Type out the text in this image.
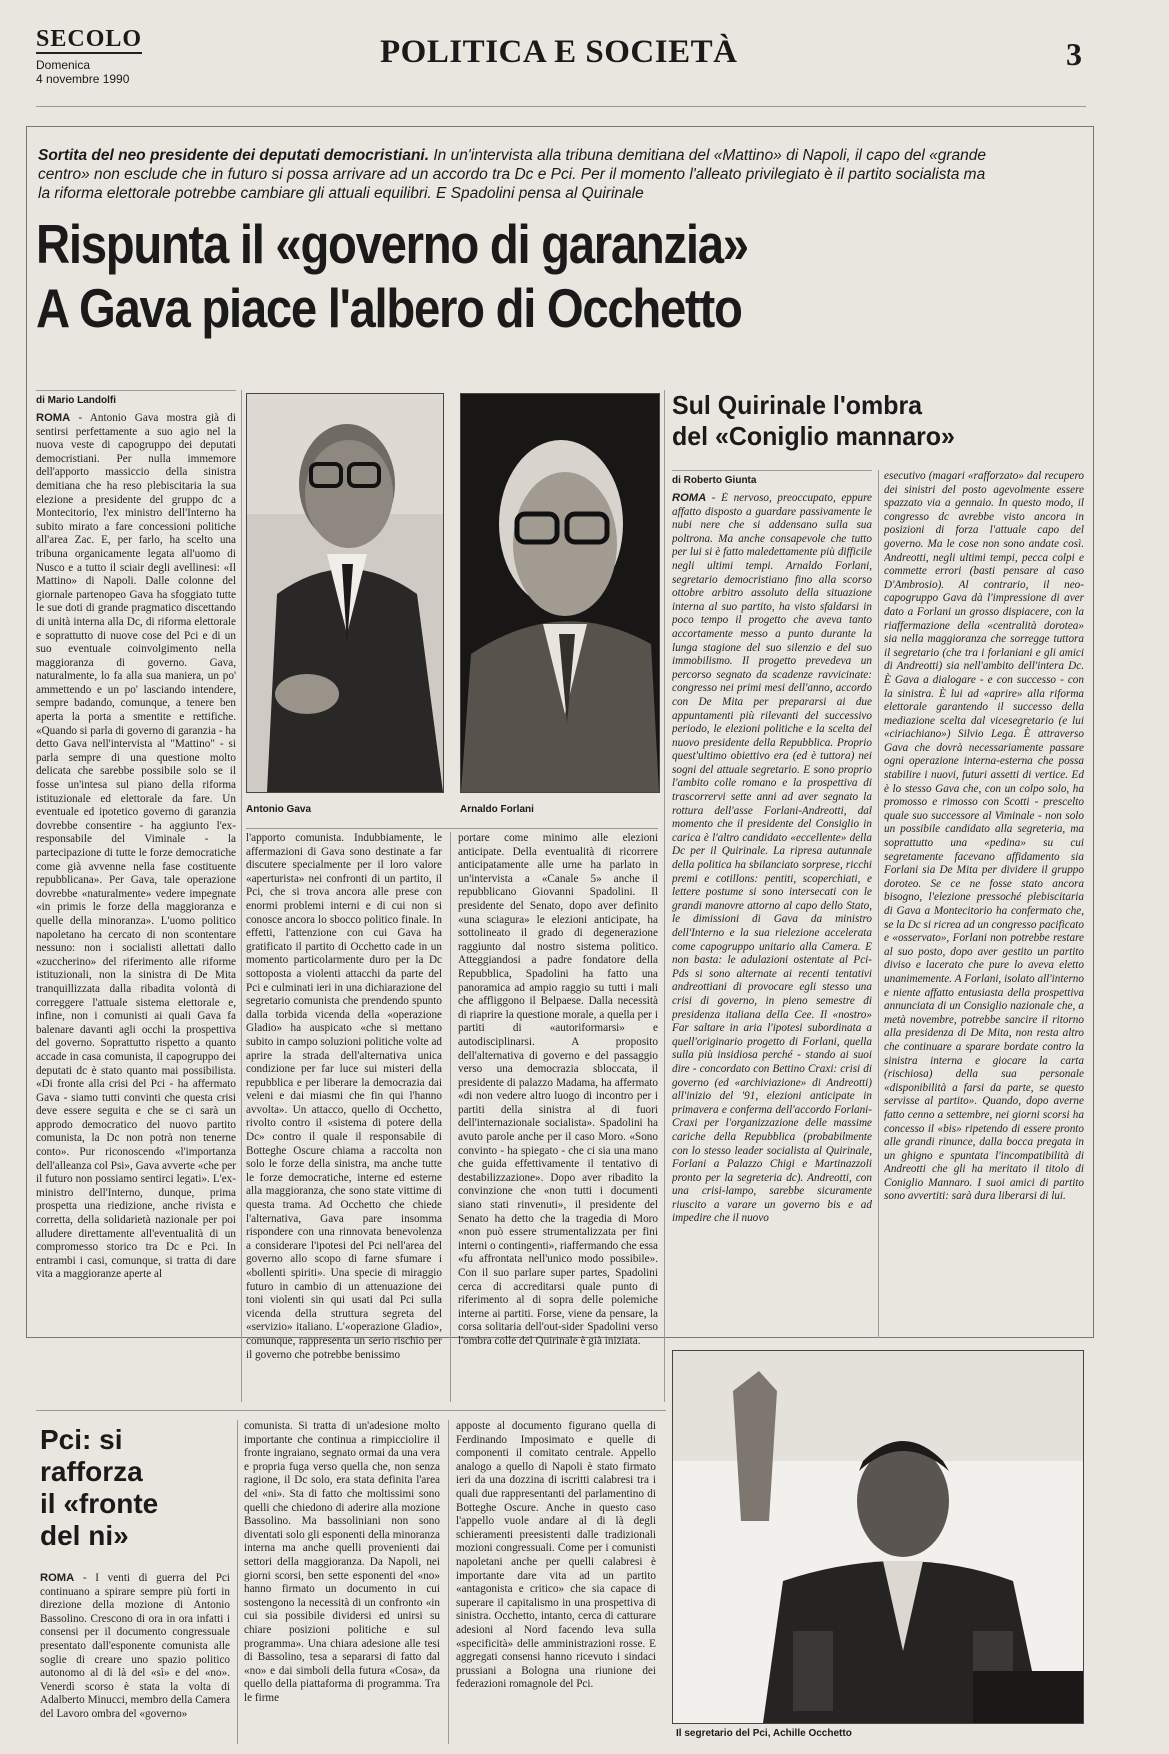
SECOLO
Domenica
4 novembre 1990
POLITICA E SOCIETÀ	3
Sortita del neo presidente dei deputati democristiani. In un'intervista alla tribuna demitiana del «Mattino» di Napoli, il capo del «grande centro» non esclude che in futuro si possa arrivare ad un accordo tra Dc e Pci. Per il momento l'alleato privilegiato è il partito socialista ma la riforma elettorale potrebbe cambiare gli attuali equilibri. E Spadolini pensa al Quirinale
Rispunta il «governo di garanzia»
A Gava piace l'albero di Occhetto
di Mario Landolfi
ROMA - Antonio Gava mostra già di sentirsi perfettamente a suo agio nel la nuova veste di capogruppo dei deputati democristiani. Per nulla immemore dell'apporto massiccio della sinistra demitiana che ha reso plebiscitaria la sua elezione a presidente del gruppo dc a Montecitorio, l'ex ministro dell'Interno ha subito mirato a fare concessioni politiche all'area Zac. E, per farlo, ha scelto una tribuna organicamente legata all'uomo di Nusco e a tutto il sciair degli avellinesi: «Il Mattino» di Napoli. Dalle colonne del giornale partenopeo Gava ha sfoggiato tutte le sue doti di grande pragmatico discettando di unità interna alla Dc, di riforma elettorale e soprattutto di nuove cose del Pci e di un suo eventuale coinvolgimento nella maggioranza di governo. Gava, naturalmente, lo fa alla sua maniera, un po' ammettendo e un po' lasciando intendere, sempre badando, comunque, a tenere ben aperta la porta a smentite e rettifiche. «Quando si parla di governo di garanzia - ha detto Gava nell'intervista al "Mattino" - si parla sempre di una questione molto delicata che sarebbe possibile solo se il fosse un'intesa sul piano della riforma istituzionale ed elettorale da fare. Un eventuale ed ipotetico governo di garanzia dovrebbe consentire - ha aggiunto l'ex-responsabile del Viminale - la partecipazione di tutte le forze democratiche come già avvenne nella fase costituente repubblicana». Per Gava, tale operazione dovrebbe «naturalmente» vedere impegnate «in primis le forze della maggioranza e quelle della minoranza». L'uomo politico napoletano ha cercato di non scontentare nessuno: non i socialisti allettati dallo «zuccherino» del riferimento alle riforme istituzionali, non la sinistra di De Mita tranquillizzata dalla ribadita volontà di correggere l'attuale sistema elettorale e, infine, non i comunisti ai quali Gava fa balenare davanti agli occhi la prospettiva del governo. Soprattutto rispetto a quanto accade in casa comunista, il capogruppo dei deputati dc è stato quanto mai possibilista. «Di fronte alla crisi del Pci - ha affermato Gava - siamo tutti convinti che questa crisi deve essere seguita e che se ci sarà un approdo democratico del nuovo partito comunista, la Dc non potrà non tenerne conto». Pur riconoscendo «l'importanza dell'alleanza col Psi», Gava avverte «che per il futuro non possiamo sentirci legati». L'ex-ministro dell'Interno, dunque, prima prospetta una riedizione, anche rivista e corretta, della solidarietà nazionale per poi alludere direttamente all'eventualità di un compromesso storico tra Dc e Pci. In entrambi i casi, comunque, si tratta di dare vita a maggioranze aperte al
Antonio Gava	Arnaldo Forlani
l'apporto comunista. Indubbiamente, le affermazioni di Gava sono destinate a far discutere specialmente per il loro valore «aperturista» nei confronti di un partito, il Pci, che si trova ancora alle prese con enormi problemi interni e di cui non si conosce ancora lo sbocco politico finale. In effetti, l'attenzione con cui Gava ha gratificato il partito di Occhetto cade in un momento particolarmente duro per la Dc sottoposta a violenti attacchi da parte del Pci e culminati ieri in una dichiarazione del segretario comunista che prendendo spunto dalla torbida vicenda della «operazione Gladio» ha auspicato «che si mettano subito in campo soluzioni politiche volte ad aprire la strada dell'alternativa unica condizione per far luce sui misteri della repubblica e per liberare la democrazia dai veleni e dai miasmi che fin qui l'hanno avvolta». Un attacco, quello di Occhetto, rivolto contro il «sistema di potere della Dc» contro il quale il responsabile di Botteghe Oscure chiama a raccolta non solo le forze della sinistra, ma anche tutte le forze democratiche, interne ed esterne alla maggioranza, che sono state vittime di questa trama. Ad Occhetto che chiede l'alternativa, Gava pare insomma rispondere con una rinnovata benevolenza a considerare l'ipotesi del Pci nell'area del governo allo scopo di farne sfumare i «bollenti spiriti». Una specie di miraggio futuro in cambio di un attenuazione dei toni violenti sin qui usati dal Pci sulla vicenda della struttura segreta del «servizio» italiano. L'«operazione Gladio», comunque, rappresenta un serio rischio per il governo che potrebbe benissimo
portare come minimo alle elezioni anticipate. Della eventualità di ricorrere anticipatamente alle urne ha parlato in un'intervista a «Canale 5» anche il repubblicano Giovanni Spadolini. Il presidente del Senato, dopo aver definito «una sciagura» le elezioni anticipate, ha sottolineato il grado di degenerazione raggiunto dal nostro sistema politico. Atteggiandosi a padre fondatore della Repubblica, Spadolini ha fatto una panoramica ad ampio raggio su tutti i mali che affliggono il Belpaese. Dalla necessità di riaprire la questione morale, a quella per i partiti di «autoriformarsi» e autodisciplinarsi. A proposito dell'alternativa di governo e del passaggio verso una democrazia sbloccata, il presidente di palazzo Madama, ha affermato «di non vedere altro luogo di incontro per i partiti della sinistra al di fuori dell'internazionale socialista». Spadolini ha avuto parole anche per il caso Moro. «Sono convinto - ha spiegato - che ci sia una mano che guida effettivamente il tentativo di destabilizzazione». Dopo aver ribadito la convinzione che «non tutti i documenti siano stati rinvenuti», il presidente del Senato ha detto che la tragedia di Moro «non può essere strumentalizzata per fini interni o contingenti», riaffermando che essa «fu affrontata nell'unico modo possibile». Con il suo parlare super partes, Spadolini cerca di accreditarsi quale punto di riferimento al di sopra delle polemiche interne ai partiti. Forse, viene da pensare, la corsa solitaria dell'out-sider Spadolini verso l'ombra colle del Quirinale è già iniziata.
Sul Quirinale l'ombra
del «Coniglio mannaro»
di Roberto Giunta
ROMA - È nervoso, preoccupato, eppure affatto disposto a guardare passivamente le nubi nere che si addensano sulla sua poltrona. Ma anche consapevole che tutto per lui si è fatto maledettamente più difficile negli ultimi tempi. Arnaldo Forlani, segretario democristiano fino alla scorso ottobre arbitro assoluto della situazione interna al suo partito, ha visto sfaldarsi in poco tempo il progetto che aveva tanto accortamente messo a punto durante la lunga stagione del suo silenzio e del suo immobilismo. Il progetto prevedeva un percorso segnato da scadenze ravvicinate: congresso nei primi mesi dell'anno, accordo con De Mita per prepararsi ai due appuntamenti più rilevanti del successivo periodo, le elezioni politiche e la scelta del nuovo presidente della Repubblica. Proprio quest'ultimo obiettivo era (ed è tuttora) nei sogni del attuale segretario. E sono proprio l'ambito colle romano e la prospettiva di trascorrervi sette anni ad aver segnato la rottura dell'asse Forlani-Andreotti, dal momento che il presidente del Consiglio in carica è l'altro candidato «eccellente» della Dc per il Quirinale. La ripresa autunnale della politica ha sbilanciato sorprese, ricchi premi e cotillons: pentiti, scoperchiati, e lettere postume si sono intersecati con le grandi manovre attorno al capo dello Stato, le dimissioni di Gava da ministro dell'Interno e la sua rielezione accelerata come capogruppo unitario alla Camera. E non basta: le adulazioni ostentate al Pci-Pds si sono alternate ai recenti tentativi andreottiani di provocare egli stesso una crisi di governo, in pieno semestre di presidenza italiana della Cee. Il «nostro» Far saltare in aria l'ipotesi subordinata a quell'originario progetto di Forlani, quella sulla più insidiosa perché - stando ai suoi dire - concordato con Bettino Craxi: crisi di governo (ed «archiviazione» di Andreotti) all'inizio del '91, elezioni anticipate in primavera e conferma dell'accordo Forlani-Craxi per l'organizzazione delle massime cariche della Repubblica (probabilmente con lo stesso leader socialista al Quirinale, Forlani a Palazzo Chigi e Martinazzoli pronto per la segreteria dc). Andreotti, con una crisi-lampo, sarebbe sicuramente riuscito a varare un governo bis e ad impedire che il nuovo
esecutivo (magari «rafforzato» dal recupero dei sinistri del posto agevolmente essere spazzato via a gennaio. In questo modo, il congresso dc avrebbe visto ancora in posizioni di forza l'attuale capo del governo. Ma le cose non sono andate così. Andreotti, negli ultimi tempi, pecca colpi e commette errori (basti pensare al caso D'Ambrosio). Al contrario, il neo-capogruppo Gava dà l'impressione di aver dato a Forlani un grosso dispiacere, con la riaffermazione della «centralità dorotea» sia nella maggioranza che sorregge tuttora il segretario (che tra i forlaniani e gli amici di Andreotti) sia nell'ambito dell'intera Dc. È Gava a dialogare - e con successo - con la sinistra. È lui ad «aprire» alla riforma elettorale garantendo il successo della mediazione scelta dal vicesegretario (e lui «ciriachiano») Silvio Lega. È attraverso Gava che dovrà necessariamente passare ogni operazione interna-esterna che possa stabilire i nuovi, futuri assetti di vertice. Ed è lo stesso Gava che, con un colpo solo, ha promosso e rimosso con Scotti - prescelto quale suo successore al Viminale - non solo un possibile candidato alla segreteria, ma soprattutto una «pedina» su cui segretamente facevano affidamento sia Forlani sia De Mita per dividere il gruppo doroteo. Se ce ne fosse stato ancora bisogno, l'elezione pressoché plebiscitaria di Gava a Montecitorio ha confermato che, se la Dc si ricrea ad un congresso pacificato e «osservato», Forlani non potrebbe restare al suo posto, dopo aver gestito un partito diviso e lacerato che pure lo aveva eletto unanimemente. A Forlani, isolato all'interno e niente affatto entusiasta della prospettiva annunciata di un Consiglio nazionale che, a metà novembre, potrebbe sancire il ritorno alla presidenza di De Mita, non resta altro che continuare a sparare bordate contro la sinistra interna e giocare la carta (rischiosa) della sua personale «disponibilità a farsi da parte, se questo servisse al partito». Quando, dopo averne fatto cenno a settembre, nei giorni scorsi ha concesso il «bis» ripetendo di essere pronto alle grandi rinunce, dalla bocca pregata in un ghigno e spuntata l'incompatibilità di Andreotti che gli ha meritato il titolo di Coniglio Mannaro. I suoi amici di partito sono avvertiti: sarà dura liberarsi di lui.
Pci: si
rafforza
il «fronte
del ni»
ROMA - I venti di guerra del Pci continuano a spirare sempre più forti in direzione della mozione di Antonio Bassolino. Crescono di ora in ora infatti i consensi per il documento congressuale presentato dall'esponente comunista alle soglie di creare uno spazio politico autonomo al di là del «sì» e del «no». Venerdì scorso è stata la volta di Adalberto Minucci, membro della Camera del Lavoro ombra del «governo»
comunista. Si tratta di un'adesione molto importante che continua a rimpicciolire il fronte ingraiano, segnato ormai da una vera e propria fuga verso quella che, non senza ragione, il Dc solo, era stata definita l'area del «ni». Sta di fatto che moltissimi sono quelli che chiedono di aderire alla mozione Bassolino. Ma bassoliniani non sono diventati solo gli esponenti della minoranza interna ma anche quelli provenienti dai settori della maggioranza. Da Napoli, nei giorni scorsi, ben sette esponenti del «no» hanno firmato un documento in cui sostengono la necessità di un confronto «in cui sia possibile dividersi ed unirsi su chiare posizioni politiche e sul programma». Una chiara adesione alle tesi di Bassolino, tesa a separarsi di fatto dal «no» e dai simboli della futura «Cosa», da quello della piattaforma di programma. Tra le firme
apposte al documento figurano quella di Ferdinando Imposimato e quelle di componenti il comitato centrale. Appello analogo a quello di Napoli è stato firmato ieri da una dozzina di iscritti calabresi tra i quali due rappresentanti del parlamentino di Botteghe Oscure. Anche in questo caso l'appello vuole andare al di là degli schieramenti preesistenti dalle tradizionali mozioni congressuali. Come per i comunisti napoletani anche per quelli calabresi è importante dare vita ad un partito «antagonista e critico» che sia capace di superare il capitalismo in una prospettiva di sinistra. Occhetto, intanto, cerca di catturare adesioni al Nord facendo leva sulla «specificità» delle amministrazioni rosse. E aggregati consensi hanno ricevuto i sindaci prussiani a Bologna una riunione dei federazioni romagnole del Pci.
Il segretario del Pci, Achille Occhetto
